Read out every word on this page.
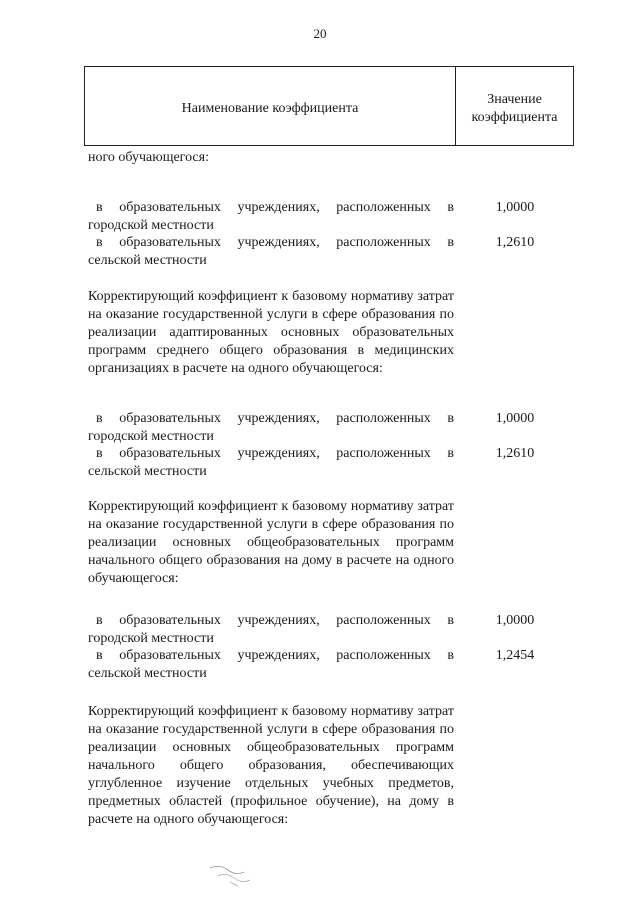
20
Наименование коэффициента
Значение
коэффициента
ного обучающегося:
в образовательных учреждениях, расположенных в городской местности
1,0000
в образовательных учреждениях, расположенных в сельской местности
1,2610
Корректирующий коэффициент к базовому нормативу затрат на оказание государственной услуги в сфере образования по реализации адаптированных основных образовательных программ среднего общего образования в медицинских организациях в расчете на одного обучающегося:
в образовательных учреждениях, расположенных в городской местности
1,0000
в образовательных учреждениях, расположенных в сельской местности
1,2610
Корректирующий коэффициент к базовому нормативу затрат на оказание государственной услуги в сфере образования по реализации основных общеобразовательных программ начального общего образования на дому в расчете на одного обучающегося:
в образовательных учреждениях, расположенных в городской местности
1,0000
в образовательных учреждениях, расположенных в сельской местности
1,2454
Корректирующий коэффициент к базовому нормативу затрат на оказание государственной услуги в сфере образования по реализации основных общеобразовательных программ начального общего образования, обеспечивающих углубленное изучение отдельных учебных предметов, предметных областей (профильное обучение), на дому в расчете на одного обучающегося:
